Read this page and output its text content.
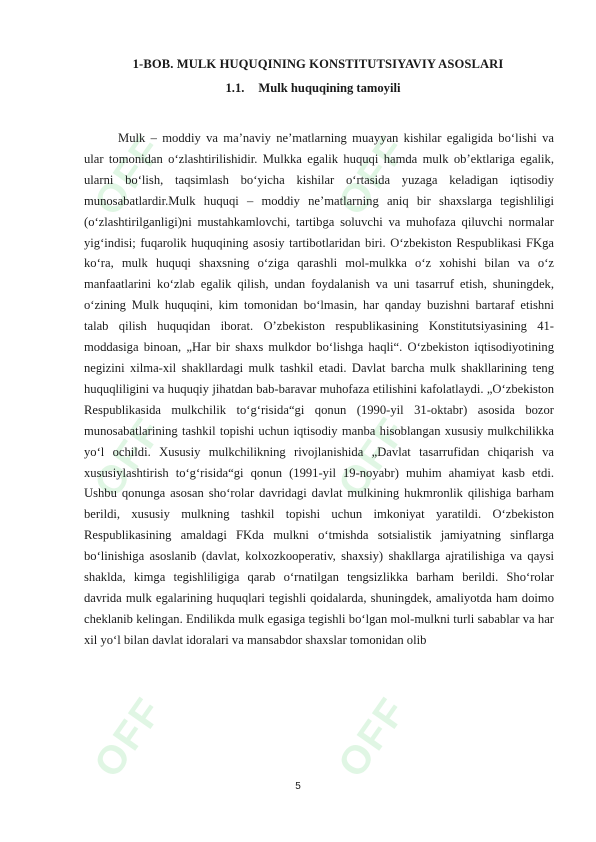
OFF	OFF
OFF	OFF
OFF	OFF
1-BOB. MULK HUQUQINING KONSTITUTSIYAVIY ASOSLARI
1.1. Mulk huquqining tamoyili

Mulk – moddiy va ma’naviy ne’matlarning muayyan kishilar egaligida bo‘lishi va ular tomonidan o‘zlashtirilishidir. Mulkka egalik huquqi hamda mulk ob’ektlariga egalik, ularni bo‘lish, taqsimlash bo‘yicha kishilar o‘rtasida yuzaga keladigan iqtisodiy munosabatlardir.Mulk huquqi – moddiy ne’matlarning aniq bir shaxslarga tegishliligi (o‘zlashtirilganligi)ni mustahkamlovchi, tartibga soluvchi va muhofaza qiluvchi normalar yig‘indisi; fuqarolik huquqining asosiy tartibotlaridan biri. O‘zbekiston Respublikasi FKga ko‘ra, mulk huquqi shaxsning o‘ziga qarashli mol-mulkka o‘z xohishi bilan va o‘z manfaatlarini ko‘zlab egalik qilish, undan foydalanish va uni tasarruf etish, shuningdek, o‘zining Mulk huquqini, kim tomonidan bo‘lmasin, har qanday buzishni bartaraf etishni talab qilish huquqidan iborat. O’zbekiston respublikasining Konstitutsiyasining 41-moddasiga binoan, „Har bir shaxs mulkdor bo‘lishga haqli“. O‘zbekiston iqtisodiyotining negizini xilma-xil shakllardagi mulk tashkil etadi. Davlat barcha mulk shakllarining teng huquqliligini va huquqiy jihatdan bab-baravar muhofaza etilishini kafolatlaydi. „O‘zbekiston Respublikasida mulkchilik to‘g‘risida“gi qonun (1990-yil 31-oktabr) asosida bozor munosabatlarining tashkil topishi uchun iqtisodiy manba hisoblangan xususiy mulkchilikka yo‘l ochildi. Xususiy mulkchilikning rivojlanishida „Davlat tasarrufidan chiqarish va xususiylashtirish to‘g‘risida“gi qonun (1991-yil 19-noyabr) muhim ahamiyat kasb etdi. Ushbu qonunga asosan sho‘rolar davridagi davlat mulkining hukmronlik qilishiga barham berildi, xususiy mulkning tashkil topishi uchun imkoniyat yaratildi. O‘zbekiston Respublikasining amaldagi FKda mulkni o‘tmishda sotsialistik jamiyatning sinflarga bo‘linishiga asoslanib (davlat, kolxozkooperativ, shaxsiy) shakllarga ajratilishiga va qaysi shaklda, kimga tegishliligiga qarab o‘rnatilgan tengsizlikka barham berildi. Sho‘rolar davrida mulk egalarining huquqlari tegishli qoidalarda, shuningdek, amaliyotda ham doimo cheklanib kelingan. Endilikda mulk egasiga tegishli bo‘lgan mol-mulkni turli sabablar va har xil yo‘l bilan davlat idoralari va mansabdor shaxslar tomonidan olib

5
